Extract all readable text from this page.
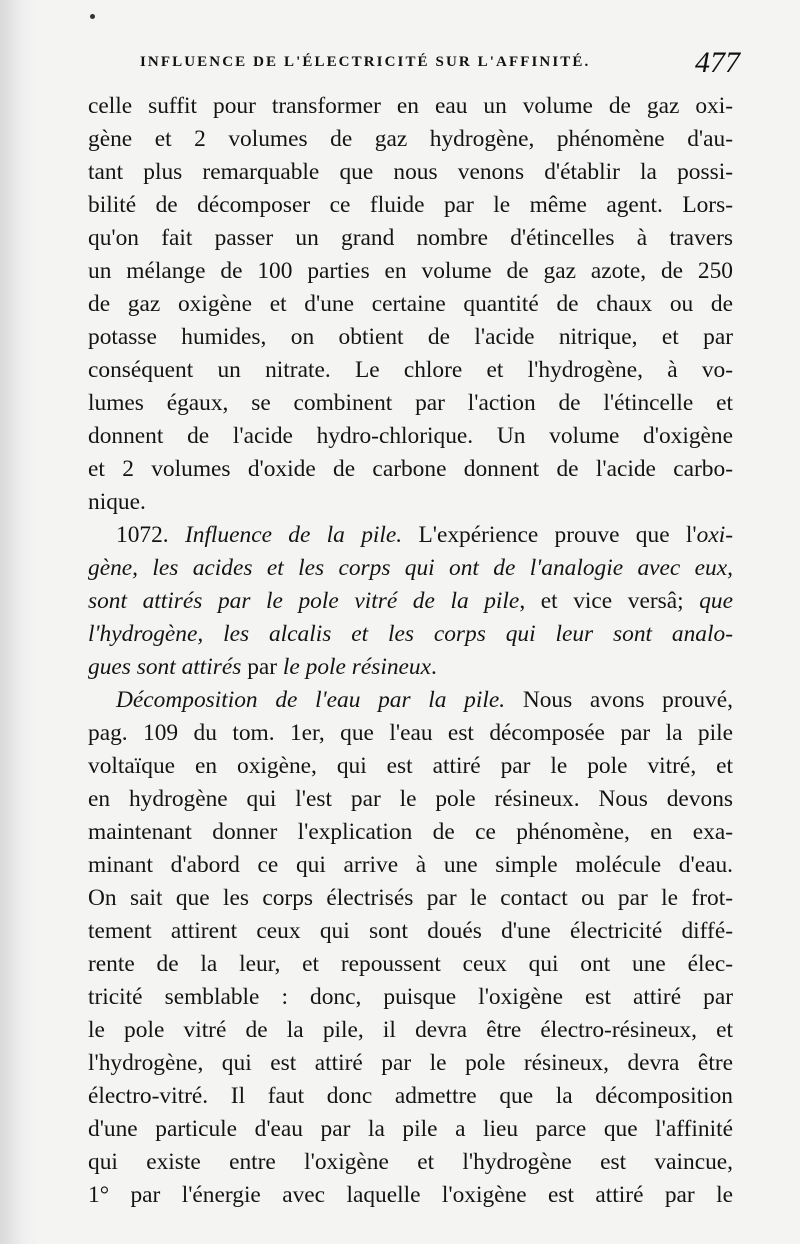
INFLUENCE DE L'ÉLECTRICITÉ SUR L'AFFINITÉ.	477
celle suffit pour transformer en eau un volume de gaz oxi-
gène et 2 volumes de gaz hydrogène, phénomène d'au-
tant plus remarquable que nous venons d'établir la possi-
bilité de décomposer ce fluide par le même agent. Lors-
qu'on fait passer un grand nombre d'étincelles à travers
un mélange de 100 parties en volume de gaz azote, de 250
de gaz oxigène et d'une certaine quantité de chaux ou de
potasse humides, on obtient de l'acide nitrique, et par
conséquent un nitrate. Le chlore et l'hydrogène, à vo-
lumes égaux, se combinent par l'action de l'étincelle et
donnent de l'acide hydro-chlorique. Un volume d'oxigène
et 2 volumes d'oxide de carbone donnent de l'acide carbo-
nique.
1072. Influence de la pile. L'expérience prouve que l'oxi-
gène, les acides et les corps qui ont de l'analogie avec eux,
sont attirés par le pole vitré de la pile, et vice versâ; que
l'hydrogène, les alcalis et les corps qui leur sont analo-
gues sont attirés par le pole résineux.
Décomposition de l'eau par la pile. Nous avons prouvé,
pag. 109 du tom. 1er, que l'eau est décomposée par la pile
voltaïque en oxigène, qui est attiré par le pole vitré, et
en hydrogène qui l'est par le pole résineux. Nous devons
maintenant donner l'explication de ce phénomène, en exa-
minant d'abord ce qui arrive à une simple molécule d'eau.
On sait que les corps électrisés par le contact ou par le frot-
tement attirent ceux qui sont doués d'une électricité diffé-
rente de la leur, et repoussent ceux qui ont une élec-
tricité semblable : donc, puisque l'oxigène est attiré par
le pole vitré de la pile, il devra être électro-résineux, et
l'hydrogène, qui est attiré par le pole résineux, devra être
électro-vitré. Il faut donc admettre que la décomposition
d'une particule d'eau par la pile a lieu parce que l'affinité
qui existe entre l'oxigène et l'hydrogène est vaincue,
1° par l'énergie avec laquelle l'oxigène est attiré par le
